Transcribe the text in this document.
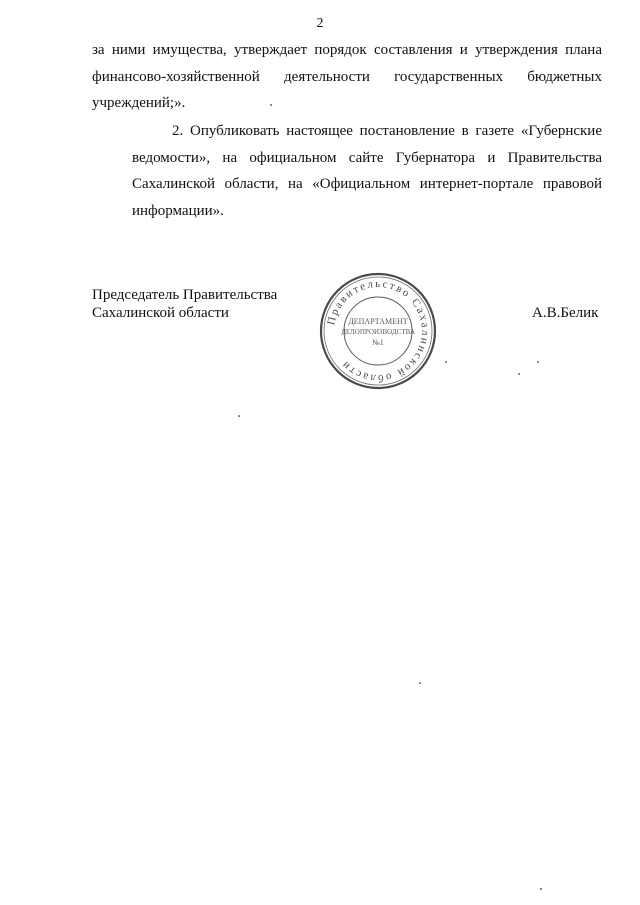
2
за ними имущества, утверждает порядок составления и утверждения плана
финансово-хозяйственной деятельности государственных бюджетных
учреждений;».
2. Опубликовать настоящее постановление в газете «Губернские
ведомости», на официальном сайте Губернатора и Правительства
Сахалинской области, на «Официальном интернет-портале правовой
информации».
Председатель Правительства
Сахалинской области	Правительство Сахалинской области
ДЕПАРТАМЕНТ
ДЕЛОПРОИЗВОДСТВА
№1
А.В.Белик
